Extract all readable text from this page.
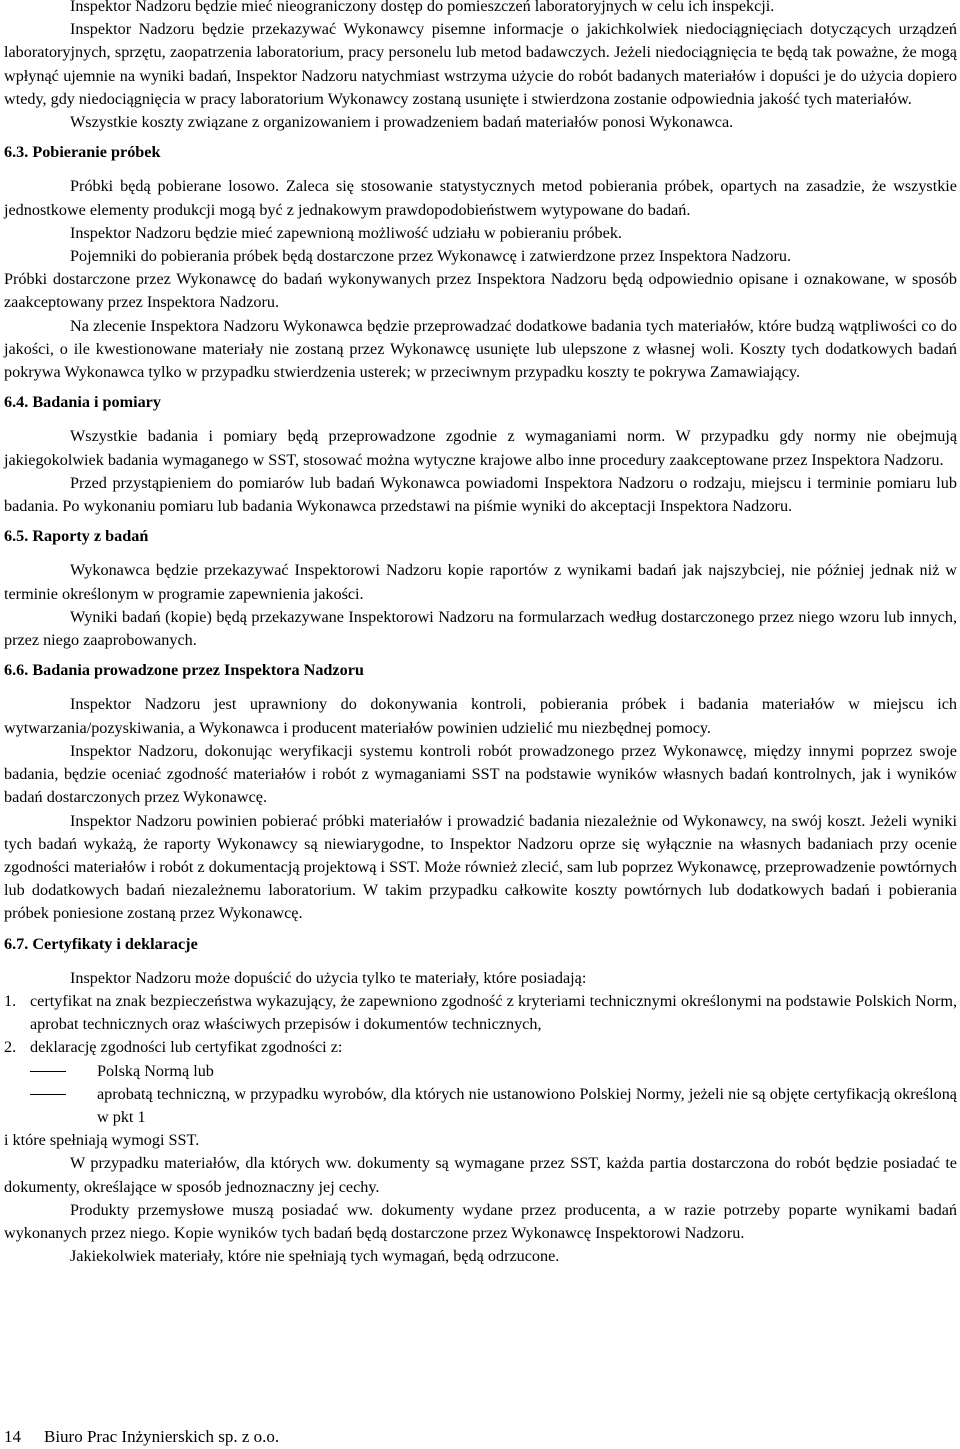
Inspektor Nadzoru będzie mieć nieograniczony dostęp do pomieszczeń laboratoryjnych w celu ich inspekcji.

Inspektor Nadzoru będzie przekazywać Wykonawcy pisemne informacje o jakichkolwiek niedociągnięciach dotyczących urządzeń laboratoryjnych, sprzętu, zaopatrzenia laboratorium, pracy personelu lub metod badawczych. Jeżeli niedociągnięcia te będą tak poważne, że mogą wpłynąć ujemnie na wyniki badań, Inspektor Nadzoru natychmiast wstrzyma użycie do robót badanych materiałów i dopuści je do użycia dopiero wtedy, gdy niedociągnięcia w pracy laboratorium Wykonawcy zostaną usunięte i stwierdzona zostanie odpowiednia jakość tych materiałów.

Wszystkie koszty związane z organizowaniem i prowadzeniem badań materiałów ponosi Wykonawca.

6.3. Pobieranie próbek

Próbki będą pobierane losowo. Zaleca się stosowanie statystycznych metod pobierania próbek, opartych na zasadzie, że wszystkie jednostkowe elementy produkcji mogą być z jednakowym prawdopodobieństwem wytypowane do badań.

Inspektor Nadzoru będzie mieć zapewnioną możliwość udziału w pobieraniu próbek.

Pojemniki do pobierania próbek będą dostarczone przez Wykonawcę i zatwierdzone przez Inspektora Nadzoru.

Próbki dostarczone przez Wykonawcę do badań wykonywanych przez Inspektora Nadzoru będą odpowiednio opisane i oznakowane, w sposób zaakceptowany przez Inspektora Nadzoru.

Na zlecenie Inspektora Nadzoru Wykonawca będzie przeprowadzać dodatkowe badania tych materiałów, które budzą wątpliwości co do jakości, o ile kwestionowane materiały nie zostaną przez Wykonawcę usunięte lub ulepszone z własnej woli. Koszty tych dodatkowych badań pokrywa Wykonawca tylko w przypadku stwierdzenia usterek; w przeciwnym przypadku koszty te pokrywa Zamawiający.

6.4. Badania i pomiary

Wszystkie badania i pomiary będą przeprowadzone zgodnie z wymaganiami norm. W przypadku gdy normy nie obejmują jakiegokolwiek badania wymaganego w SST, stosować można wytyczne krajowe albo inne procedury zaakceptowane przez Inspektora Nadzoru.

Przed przystąpieniem do pomiarów lub badań Wykonawca powiadomi Inspektora Nadzoru o rodzaju, miejscu i terminie pomiaru lub badania. Po wykonaniu pomiaru lub badania Wykonawca przedstawi na piśmie wyniki do akceptacji Inspektora Nadzoru.

6.5. Raporty z badań

Wykonawca będzie przekazywać Inspektorowi Nadzoru kopie raportów z wynikami badań jak najszybciej, nie później jednak niż w terminie określonym w programie zapewnienia jakości.

Wyniki badań (kopie) będą przekazywane Inspektorowi Nadzoru na formularzach według dostarczonego przez niego wzoru lub innych, przez niego zaaprobowanych.

6.6. Badania prowadzone przez Inspektora Nadzoru

Inspektor Nadzoru jest uprawniony do dokonywania kontroli, pobierania próbek i badania materiałów w miejscu ich wytwarzania/pozyskiwania, a Wykonawca i producent materiałów powinien udzielić mu niezbędnej pomocy.

Inspektor Nadzoru, dokonując weryfikacji systemu kontroli robót prowadzonego przez Wykonawcę, między innymi poprzez swoje badania, będzie oceniać zgodność materiałów i robót z wymaganiami SST na podstawie wyników własnych badań kontrolnych, jak i wyników badań dostarczonych przez Wykonawcę.

Inspektor Nadzoru powinien pobierać próbki materiałów i prowadzić badania niezależnie od Wykonawcy, na swój koszt. Jeżeli wyniki tych badań wykażą, że raporty Wykonawcy są niewiarygodne, to Inspektor Nadzoru oprze się wyłącznie na własnych badaniach przy ocenie zgodności materiałów i robót z dokumentacją projektową i SST. Może również zlecić, sam lub poprzez Wykonawcę, przeprowadzenie powtórnych lub dodatkowych badań niezależnemu laboratorium. W takim przypadku całkowite koszty powtórnych lub dodatkowych badań i pobierania próbek poniesione zostaną przez Wykonawcę.

6.7. Certyfikaty i deklaracje

Inspektor Nadzoru może dopuścić do użycia tylko te materiały, które posiadają:

1. certyfikat na znak bezpieczeństwa wykazujący, że zapewniono zgodność z kryteriami technicznymi określonymi na podstawie Polskich Norm, aprobat technicznych oraz właściwych przepisów i dokumentów technicznych,
2. deklarację zgodności lub certyfikat zgodności z:
Polską Normą lub
aprobatą techniczną, w przypadku wyrobów, dla których nie ustanowiono Polskiej Normy, jeżeli nie są objęte certyfikacją określoną w pkt 1

i które spełniają wymogi SST.

W przypadku materiałów, dla których ww. dokumenty są wymagane przez SST, każda partia dostarczona do robót będzie posiadać te dokumenty, określające w sposób jednoznaczny jej cechy.

Produkty przemysłowe muszą posiadać ww. dokumenty wydane przez producenta, a w razie potrzeby poparte wynikami badań wykonanych przez niego. Kopie wyników tych badań będą dostarczone przez Wykonawcę Inspektorowi Nadzoru.

Jakiekolwiek materiały, które nie spełniają tych wymagań, będą odrzucone.

14 Biuro Prac Inżynierskich sp. z o.o.
